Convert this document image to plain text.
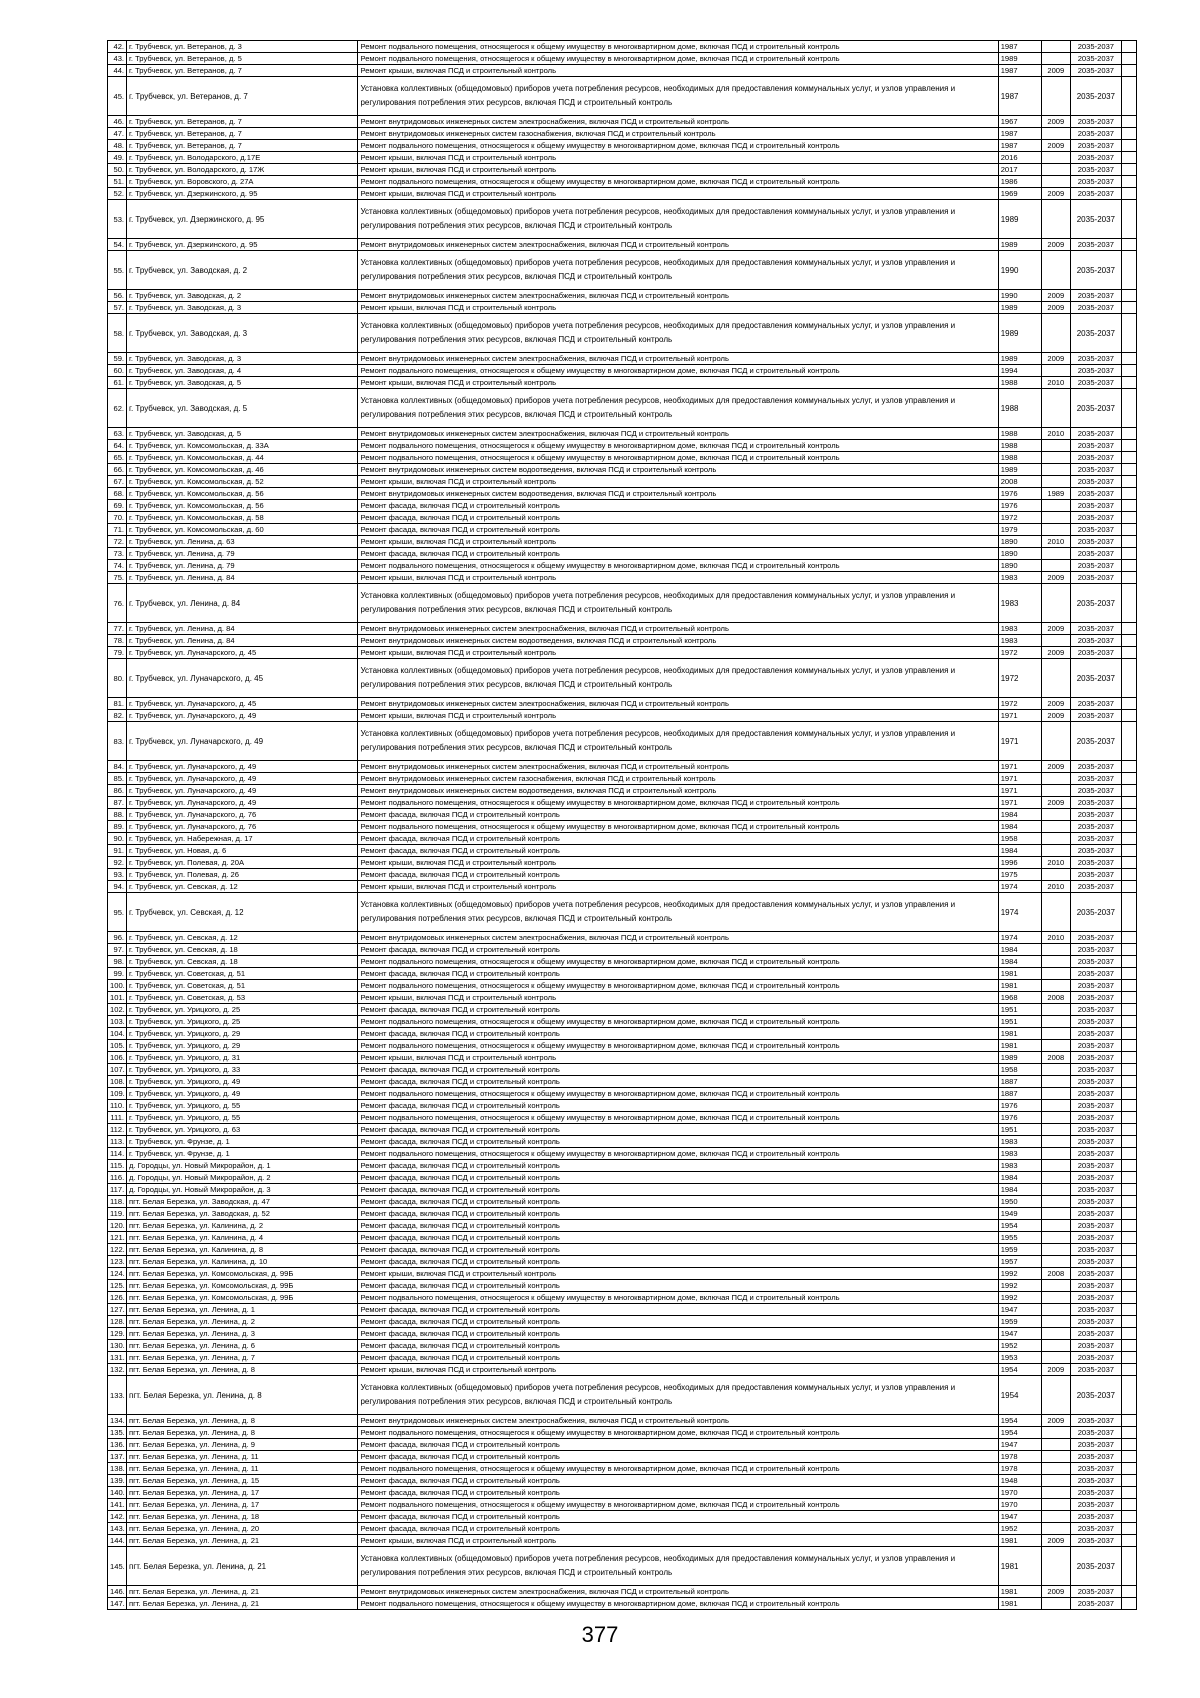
42.	г. Трубчевск, ул. Ветеранов, д. 3	Ремонт подвального помещения, относящегося к общему имуществу в многоквартирном доме, включая ПСД и строительный контроль	1987		2035-2037	
43.	г. Трубчевск, ул. Ветеранов, д. 5	Ремонт подвального помещения, относящегося к общему имуществу в многоквартирном доме, включая ПСД и строительный контроль	1989		2035-2037	
44.	г. Трубчевск, ул. Ветеранов, д. 7	Ремонт крыши, включая ПСД и строительный контроль	1987	2009	2035-2037	
45.	г. Трубчевск, ул. Ветеранов, д. 7	Установка коллективных (общедомовых) приборов учета потребления ресурсов, необходимых для предоставления коммунальных услуг, и узлов управления и регулирования потребления этих ресурсов, включая ПСД и строительный контроль	1987		2035-2037	
46.	г. Трубчевск, ул. Ветеранов, д. 7	Ремонт внутридомовых инженерных систем электроснабжения, включая ПСД и строительный контроль	1967	2009	2035-2037	
47.	г. Трубчевск, ул. Ветеранов, д. 7	Ремонт внутридомовых инженерных систем газоснабжения, включая ПСД и строительный контроль	1987		2035-2037	
48.	г. Трубчевск, ул. Ветеранов, д. 7	Ремонт подвального помещения, относящегося к общему имуществу в многоквартирном доме, включая ПСД и строительный контроль	1987	2009	2035-2037	
49.	г. Трубчевск, ул. Володарского, д.17Е	Ремонт крыши, включая ПСД и строительный контроль	2016		2035-2037	
50.	г. Трубчевск, ул. Володарского, д. 17Ж	Ремонт крыши, включая ПСД и строительный контроль	2017		2035-2037	
51.	г. Трубчевск, ул. Воровского, д. 27А	Ремонт подвального помещения, относящегося к общему имуществу в многоквартирном доме, включая ПСД и строительный контроль	1986		2035-2037	
52.	г. Трубчевск, ул. Дзержинского, д. 95	Ремонт крыши, включая ПСД и строительный контроль	1969	2009	2035-2037	
53.	г. Трубчевск, ул. Дзержинского, д. 95	Установка коллективных (общедомовых) приборов учета потребления ресурсов, необходимых для предоставления коммунальных услуг, и узлов управления и регулирования потребления этих ресурсов, включая ПСД и строительный контроль	1989		2035-2037	
54.	г. Трубчевск, ул. Дзержинского, д. 95	Ремонт внутридомовых инженерных систем электроснабжения, включая ПСД и строительный контроль	1989	2009	2035-2037	
55.	г. Трубчевск, ул. Заводская, д. 2	Установка коллективных (общедомовых) приборов учета потребления ресурсов, необходимых для предоставления коммунальных услуг, и узлов управления и регулирования потребления этих ресурсов, включая ПСД и строительный контроль	1990		2035-2037	
56.	г. Трубчевск, ул. Заводская, д. 2	Ремонт внутридомовых инженерных систем электроснабжения, включая ПСД и строительный контроль	1990	2009	2035-2037	
57.	г. Трубчевск, ул. Заводская, д. 3	Ремонт крыши, включая ПСД и строительный контроль	1989	2009	2035-2037	
58.	г. Трубчевск, ул. Заводская, д. 3	Установка коллективных (общедомовых) приборов учета потребления ресурсов, необходимых для предоставления коммунальных услуг, и узлов управления и регулирования потребления этих ресурсов, включая ПСД и строительный контроль	1989		2035-2037	
59.	г. Трубчевск, ул. Заводская, д. 3	Ремонт внутридомовых инженерных систем электроснабжения, включая ПСД и строительный контроль	1989	2009	2035-2037	
60.	г. Трубчевск, ул. Заводская, д. 4	Ремонт подвального помещения, относящегося к общему имуществу в многоквартирном доме, включая ПСД и строительный контроль	1994		2035-2037	
61.	г. Трубчевск, ул. Заводская, д. 5	Ремонт крыши, включая ПСД и строительный контроль	1988	2010	2035-2037	
62.	г. Трубчевск, ул. Заводская, д. 5	Установка коллективных (общедомовых) приборов учета потребления ресурсов, необходимых для предоставления коммунальных услуг, и узлов управления и регулирования потребления этих ресурсов, включая ПСД и строительный контроль	1988		2035-2037	
63.	г. Трубчевск, ул. Заводская, д. 5	Ремонт внутридомовых инженерных систем электроснабжения, включая ПСД и строительный контроль	1988	2010	2035-2037	
64.	г. Трубчевск, ул. Комсомольская, д. 33А	Ремонт подвального помещения, относящегося к общему имуществу в многоквартирном доме, включая ПСД и строительный контроль	1988		2035-2037	
65.	г. Трубчевск, ул. Комсомольская, д. 44	Ремонт подвального помещения, относящегося к общему имуществу в многоквартирном доме, включая ПСД и строительный контроль	1988		2035-2037	
66.	г. Трубчевск, ул. Комсомольская, д. 46	Ремонт внутридомовых инженерных систем водоотведения, включая ПСД и строительный контроль	1989		2035-2037	
67.	г. Трубчевск, ул. Комсомольская, д. 52	Ремонт крыши, включая ПСД и строительный контроль	2008		2035-2037	
68.	г. Трубчевск, ул. Комсомольская, д. 56	Ремонт внутридомовых инженерных систем водоотведения, включая ПСД и строительный контроль	1976	1989	2035-2037	
69.	г. Трубчевск, ул. Комсомольская, д. 56	Ремонт фасада, включая ПСД и строительный контроль	1976		2035-2037	
70.	г. Трубчевск, ул. Комсомольская, д. 58	Ремонт фасада, включая ПСД и строительный контроль	1972		2035-2037	
71.	г. Трубчевск, ул. Комсомольская, д. 60	Ремонт фасада, включая ПСД и строительный контроль	1979		2035-2037	
72.	г. Трубчевск, ул. Ленина, д. 63	Ремонт крыши, включая ПСД и строительный контроль	1890	2010	2035-2037	
73.	г. Трубчевск, ул. Ленина, д. 79	Ремонт фасада, включая ПСД и строительный контроль	1890		2035-2037	
74.	г. Трубчевск, ул. Ленина, д. 79	Ремонт подвального помещения, относящегося к общему имуществу в многоквартирном доме, включая ПСД и строительный контроль	1890		2035-2037	
75.	г. Трубчевск, ул. Ленина, д. 84	Ремонт крыши, включая ПСД и строительный контроль	1983	2009	2035-2037	
76.	г. Трубчевск, ул. Ленина, д. 84	Установка коллективных (общедомовых) приборов учета потребления ресурсов, необходимых для предоставления коммунальных услуг, и узлов управления и регулирования потребления этих ресурсов, включая ПСД и строительный контроль	1983		2035-2037	
77.	г. Трубчевск, ул. Ленина, д. 84	Ремонт внутридомовых инженерных систем электроснабжения, включая ПСД и строительный контроль	1983	2009	2035-2037	
78.	г. Трубчевск, ул. Ленина, д. 84	Ремонт внутридомовых инженерных систем водоотведения, включая ПСД и строительный контроль	1983		2035-2037	
79.	г. Трубчевск, ул. Луначарского, д. 45	Ремонт крыши, включая ПСД и строительный контроль	1972	2009	2035-2037	
80.	г. Трубчевск, ул. Луначарского, д. 45	Установка коллективных (общедомовых) приборов учета потребления ресурсов, необходимых для предоставления коммунальных услуг, и узлов управления и регулирования потребления этих ресурсов, включая ПСД и строительный контроль	1972		2035-2037	
81.	г. Трубчевск, ул. Луначарского, д. 45	Ремонт внутридомовых инженерных систем электроснабжения, включая ПСД и строительный контроль	1972	2009	2035-2037	
82.	г. Трубчевск, ул. Луначарского, д. 49	Ремонт крыши, включая ПСД и строительный контроль	1971	2009	2035-2037	
83.	г. Трубчевск, ул. Луначарского, д. 49	Установка коллективных (общедомовых) приборов учета потребления ресурсов, необходимых для предоставления коммунальных услуг, и узлов управления и регулирования потребления этих ресурсов, включая ПСД и строительный контроль	1971		2035-2037	
84.	г. Трубчевск, ул. Луначарского, д. 49	Ремонт внутридомовых инженерных систем электроснабжения, включая ПСД и строительный контроль	1971	2009	2035-2037	
85.	г. Трубчевск, ул. Луначарского, д. 49	Ремонт внутридомовых инженерных систем газоснабжения, включая ПСД и строительный контроль	1971		2035-2037	
86.	г. Трубчевск, ул. Луначарского, д. 49	Ремонт внутридомовых инженерных систем водоотведения, включая ПСД и строительный контроль	1971		2035-2037	
87.	г. Трубчевск, ул. Луначарского, д. 49	Ремонт подвального помещения, относящегося к общему имуществу в многоквартирном доме, включая ПСД и строительный контроль	1971	2009	2035-2037	
88.	г. Трубчевск, ул. Луначарского, д. 76	Ремонт фасада, включая ПСД и строительный контроль	1984		2035-2037	
89.	г. Трубчевск, ул. Луначарского, д. 76	Ремонт подвального помещения, относящегося к общему имуществу в многоквартирном доме, включая ПСД и строительный контроль	1984		2035-2037	
90.	г. Трубчевск, ул. Набережная, д. 17	Ремонт фасада, включая ПСД и строительный контроль	1958		2035-2037	
91.	г. Трубчевск, ул. Новая, д. 6	Ремонт фасада, включая ПСД и строительный контроль	1984		2035-2037	
92.	г. Трубчевск, ул. Полевая, д. 20А	Ремонт крыши, включая ПСД и строительный контроль	1996	2010	2035-2037	
93.	г. Трубчевск, ул. Полевая, д. 26	Ремонт фасада, включая ПСД и строительный контроль	1975		2035-2037	
94.	г. Трубчевск, ул. Севская, д. 12	Ремонт крыши, включая ПСД и строительный контроль	1974	2010	2035-2037	
95.	г. Трубчевск, ул. Севская, д. 12	Установка коллективных (общедомовых) приборов учета потребления ресурсов, необходимых для предоставления коммунальных услуг, и узлов управления и регулирования потребления этих ресурсов, включая ПСД и строительный контроль	1974		2035-2037	
96.	г. Трубчевск, ул. Севская, д. 12	Ремонт внутридомовых инженерных систем электроснабжения, включая ПСД и строительный контроль	1974	2010	2035-2037	
97.	г. Трубчевск, ул. Севская, д. 18	Ремонт фасада, включая ПСД и строительный контроль	1984		2035-2037	
98.	г. Трубчевск, ул. Севская, д. 18	Ремонт подвального помещения, относящегося к общему имуществу в многоквартирном доме, включая ПСД и строительный контроль	1984		2035-2037	
99.	г. Трубчевск, ул. Советская, д. 51	Ремонт фасада, включая ПСД и строительный контроль	1981		2035-2037	
100.	г. Трубчевск, ул. Советская, д. 51	Ремонт подвального помещения, относящегося к общему имуществу в многоквартирном доме, включая ПСД и строительный контроль	1981		2035-2037	
101.	г. Трубчевск, ул. Советская, д. 53	Ремонт крыши, включая ПСД и строительный контроль	1968	2008	2035-2037	
102.	г. Трубчевск, ул. Урицкого, д. 25	Ремонт фасада, включая ПСД и строительный контроль	1951		2035-2037	
103.	г. Трубчевск, ул. Урицкого, д. 25	Ремонт подвального помещения, относящегося к общему имуществу в многоквартирном доме, включая ПСД и строительный контроль	1951		2035-2037	
104.	г. Трубчевск, ул. Урицкого, д. 29	Ремонт фасада, включая ПСД и строительный контроль	1981		2035-2037	
105.	г. Трубчевск, ул. Урицкого, д. 29	Ремонт подвального помещения, относящегося к общему имуществу в многоквартирном доме, включая ПСД и строительный контроль	1981		2035-2037	
106.	г. Трубчевск, ул. Урицкого, д. 31	Ремонт крыши, включая ПСД и строительный контроль	1989	2008	2035-2037	
107.	г. Трубчевск, ул. Урицкого, д. 33	Ремонт фасада, включая ПСД и строительный контроль	1958		2035-2037	
108.	г. Трубчевск, ул. Урицкого, д. 49	Ремонт фасада, включая ПСД и строительный контроль	1887		2035-2037	
109.	г. Трубчевск, ул. Урицкого, д. 49	Ремонт подвального помещения, относящегося к общему имуществу в многоквартирном доме, включая ПСД и строительный контроль	1887		2035-2037	
110.	г. Трубчевск, ул. Урицкого, д. 55	Ремонт фасада, включая ПСД и строительный контроль	1976		2035-2037	
111.	г. Трубчевск, ул. Урицкого, д. 55	Ремонт подвального помещения, относящегося к общему имуществу в многоквартирном доме, включая ПСД и строительный контроль	1976		2035-2037	
112.	г. Трубчевск, ул. Урицкого, д. 63	Ремонт фасада, включая ПСД и строительный контроль	1951		2035-2037	
113.	г. Трубчевск, ул. Фрунзе, д. 1	Ремонт фасада, включая ПСД и строительный контроль	1983		2035-2037	
114.	г. Трубчевск, ул. Фрунзе, д. 1	Ремонт подвального помещения, относящегося к общему имуществу в многоквартирном доме, включая ПСД и строительный контроль	1983		2035-2037	
115.	д. Городцы, ул. Новый Микрорайон, д. 1	Ремонт фасада, включая ПСД и строительный контроль	1983		2035-2037	
116.	д. Городцы, ул. Новый Микрорайон, д. 2	Ремонт фасада, включая ПСД и строительный контроль	1984		2035-2037	
117.	д. Городцы, ул. Новый Микрорайон, д. 3	Ремонт фасада, включая ПСД и строительный контроль	1984		2035-2037	
118.	пгт. Белая Березка, ул. Заводская, д. 47	Ремонт фасада, включая ПСД и строительный контроль	1950		2035-2037	
119.	пгт. Белая Березка, ул. Заводская, д. 52	Ремонт фасада, включая ПСД и строительный контроль	1949		2035-2037	
120.	пгт. Белая Березка, ул. Калинина, д. 2	Ремонт фасада, включая ПСД и строительный контроль	1954		2035-2037	
121.	пгт. Белая Березка, ул. Калинина, д. 4	Ремонт фасада, включая ПСД и строительный контроль	1955		2035-2037	
122.	пгт. Белая Березка, ул. Калинина, д. 8	Ремонт фасада, включая ПСД и строительный контроль	1959		2035-2037	
123.	пгт. Белая Березка, ул. Калинина, д. 10	Ремонт фасада, включая ПСД и строительный контроль	1957		2035-2037	
124.	пгт. Белая Березка, ул. Комсомольская, д. 99Б	Ремонт крыши, включая ПСД и строительный контроль	1992	2008	2035-2037	
125.	пгт. Белая Березка, ул. Комсомольская, д. 99Б	Ремонт фасада, включая ПСД и строительный контроль	1992		2035-2037	
126.	пгт. Белая Березка, ул. Комсомольская, д. 99Б	Ремонт подвального помещения, относящегося к общему имуществу в многоквартирном доме, включая ПСД и строительный контроль	1992		2035-2037	
127.	пгт. Белая Березка, ул. Ленина, д. 1	Ремонт фасада, включая ПСД и строительный контроль	1947		2035-2037	
128.	пгт. Белая Березка, ул. Ленина, д. 2	Ремонт фасада, включая ПСД и строительный контроль	1959		2035-2037	
129.	пгт. Белая Березка, ул. Ленина, д. 3	Ремонт фасада, включая ПСД и строительный контроль	1947		2035-2037	
130.	пгт. Белая Березка, ул. Ленина, д. 6	Ремонт фасада, включая ПСД и строительный контроль	1952		2035-2037	
131.	пгт. Белая Березка, ул. Ленина, д. 7	Ремонт фасада, включая ПСД и строительный контроль	1953		2035-2037	
132.	пгт. Белая Березка, ул. Ленина, д. 8	Ремонт крыши, включая ПСД и строительный контроль	1954	2009	2035-2037	
133.	пгт. Белая Березка, ул. Ленина, д. 8	Установка коллективных (общедомовых) приборов учета потребления ресурсов, необходимых для предоставления коммунальных услуг, и узлов управления и регулирования потребления этих ресурсов, включая ПСД и строительный контроль	1954		2035-2037	
134.	пгт. Белая Березка, ул. Ленина, д. 8	Ремонт внутридомовых инженерных систем электроснабжения, включая ПСД и строительный контроль	1954	2009	2035-2037	
135.	пгт. Белая Березка, ул. Ленина, д. 8	Ремонт подвального помещения, относящегося к общему имуществу в многоквартирном доме, включая ПСД и строительный контроль	1954		2035-2037	
136.	пгт. Белая Березка, ул. Ленина, д. 9	Ремонт фасада, включая ПСД и строительный контроль	1947		2035-2037	
137.	пгт. Белая Березка, ул. Ленина, д. 11	Ремонт фасада, включая ПСД и строительный контроль	1978		2035-2037	
138.	пгт. Белая Березка, ул. Ленина, д. 11	Ремонт подвального помещения, относящегося к общему имуществу в многоквартирном доме, включая ПСД и строительный контроль	1978		2035-2037	
139.	пгт. Белая Березка, ул. Ленина, д. 15	Ремонт фасада, включая ПСД и строительный контроль	1948		2035-2037	
140.	пгт. Белая Березка, ул. Ленина, д. 17	Ремонт фасада, включая ПСД и строительный контроль	1970		2035-2037	
141.	пгт. Белая Березка, ул. Ленина, д. 17	Ремонт подвального помещения, относящегося к общему имуществу в многоквартирном доме, включая ПСД и строительный контроль	1970		2035-2037	
142.	пгт. Белая Березка, ул. Ленина, д. 18	Ремонт фасада, включая ПСД и строительный контроль	1947		2035-2037	
143.	пгт. Белая Березка, ул. Ленина, д. 20	Ремонт фасада, включая ПСД и строительный контроль	1952		2035-2037	
144.	пгт. Белая Березка, ул. Ленина, д. 21	Ремонт крыши, включая ПСД и строительный контроль	1981	2009	2035-2037	
145.	пгт. Белая Березка, ул. Ленина, д. 21	Установка коллективных (общедомовых) приборов учета потребления ресурсов, необходимых для предоставления коммунальных услуг, и узлов управления и регулирования потребления этих ресурсов, включая ПСД и строительный контроль	1981		2035-2037	
146.	пгт. Белая Березка, ул. Ленина, д. 21	Ремонт внутридомовых инженерных систем электроснабжения, включая ПСД и строительный контроль	1981	2009	2035-2037	
147.	пгт. Белая Березка, ул. Ленина, д. 21	Ремонт подвального помещения, относящегося к общему имуществу в многоквартирном доме, включая ПСД и строительный контроль	1981		2035-2037	
377
